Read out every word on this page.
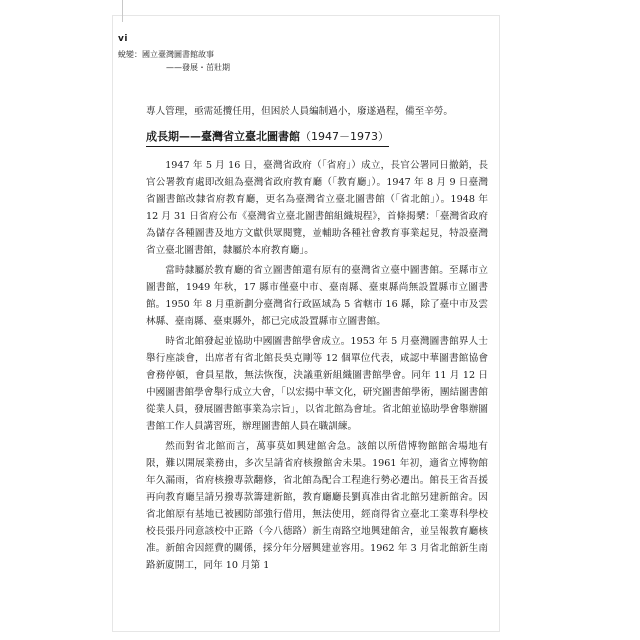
vi
蛻變：國立臺灣圖書館故事
——發展・茁壯期

專人管理，亟需延攬任用，但困於人員編制過小，廢遂過程，備至辛勞。

成長期——臺灣省立臺北圖書館（1947－1973）

1947 年 5 月 16 日，臺灣省政府（「省府」）成立，長官公署同日撤銷，長官公署教育處即改組為臺灣省政府教育廳（「教育廳」）。1947 年 8 月 9 日臺灣省圖書館改隸省府教育廳，更名為臺灣省立臺北圖書館（「省北館」）。1948 年 12 月 31 日省府公布《臺灣省立臺北圖書館組織規程》，首條揭櫫：「臺灣省政府為儲存各種圖書及地方文獻供眾閱覽，並輔助各種社會教育事業起見，特設臺灣省立臺北圖書館，隸屬於本府教育廳」。

當時隸屬於教育廳的省立圖書館還有原有的臺灣省立臺中圖書館。至縣市立圖書館，1949 年秋，17 縣市僅臺中市、臺南縣、臺東縣尚無設置縣市立圖書館。1950 年 8 月重新劃分臺灣省行政區域為 5 省轄市 16 縣，除了臺中市及雲林縣、臺南縣、臺東縣外，都已完成設置縣市立圖書館。

時省北館發起並協助中國圖書館學會成立。1953 年 5 月臺灣圖書館界人士舉行座談會，出席者有省北館長吳克剛等 12 個單位代表，咸認中華圖書館協會會務停頓，會員星散，無法恢復，決議重新組織圖書館學會。同年 11 月 12 日中國圖書館學會舉行成立大會，「以宏揚中華文化，研究圖書館學術，團結圖書館從業人員，發展圖書館事業為宗旨」，以省北館為會址。省北館並協助學會舉辦圖書館工作人員講習班，辦理圖書館人員在職訓練。

然而對省北館而言，萬事莫如興建館舍急。該館以所借博物館館舍場地有限，難以開展業務由，多次呈請省府核撥館舍未果。1961 年初，適省立博物館年久漏雨，省府核撥專款翻修，省北館為配合工程進行勢必遷出。館長王省吾援再向教育廳呈請另撥專款籌建新館，教育廳廳長劉真准由省北館另建新館舍。因省北館原有基地已被國防部強行借用，無法使用，經商得省立臺北工業專科學校校長張丹同意該校中正路（今八德路）新生南路空地興建館舍，並呈報教育廳核准。新館舍因經費的關係，採分年分層興建並容用。1962 年 3 月省北館新生南路新廈開工，同年 10 月第 1
